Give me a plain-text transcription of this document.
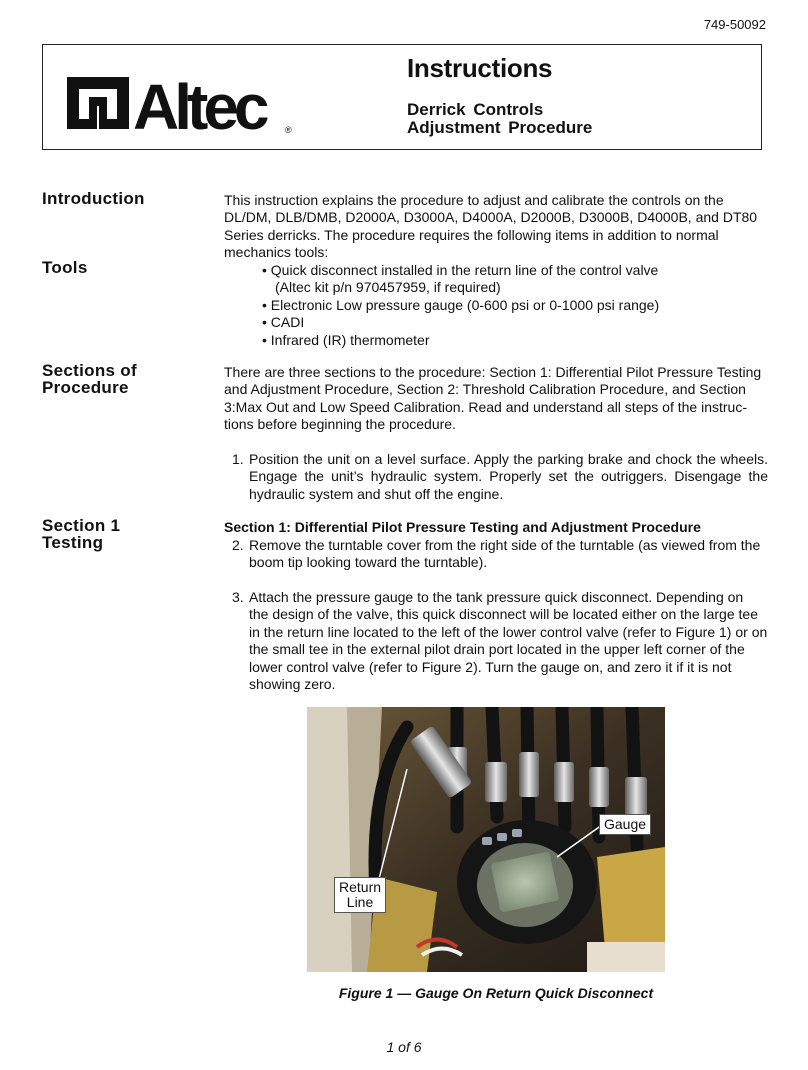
749-50092
Altec	®
Instructions
Derrick Controls
Adjustment Procedure
Introduction	This instruction explains the procedure to adjust and calibrate the controls on the
DL/DM, DLB/DMB, D2000A, D3000A, D4000A, D2000B, D3000B, D4000B, and DT80
Series derricks. The procedure requires the following items in addition to normal
mechanics tools:
Tools	• Quick disconnect installed in the return line of the control valve
(Altec kit p/n 970457959, if required)
• Electronic Low pressure gauge (0-600 psi or 0-1000 psi range)
• CADI
• Infrared (IR) thermometer
Sections of
Procedure
There are three sections to the procedure: Section 1: Differential Pilot Pressure Testing
and Adjustment Procedure, Section 2: Threshold Calibration Procedure, and Section
3:Max Out and Low Speed Calibration. Read and understand all steps of the instruc-
tions before beginning the procedure.
1. Position the unit on a level surface. Apply the parking brake and chock the wheels. Engage the unit’s hydraulic system. Properly set the outriggers. Disengage the hydraulic system and shut off the engine.
Section 1
Testing
Section 1: Differential Pilot Pressure Testing and Adjustment Procedure
2. Remove the turntable cover from the right side of the turntable (as viewed from the
boom tip looking toward the turntable).
3. Attach the pressure gauge to the tank pressure quick disconnect. Depending on
the design of the valve, this quick disconnect will be located either on the large tee
in the return line located to the left of the lower control valve (refer to Figure 1) or on
the small tee in the external pilot drain port located in the upper left corner of the
lower control valve (refer to Figure 2). Turn the gauge on, and zero it if it is not
showing zero.
Gauge
Return
Line
Figure 1 — Gauge On Return Quick Disconnect
1 of 6
